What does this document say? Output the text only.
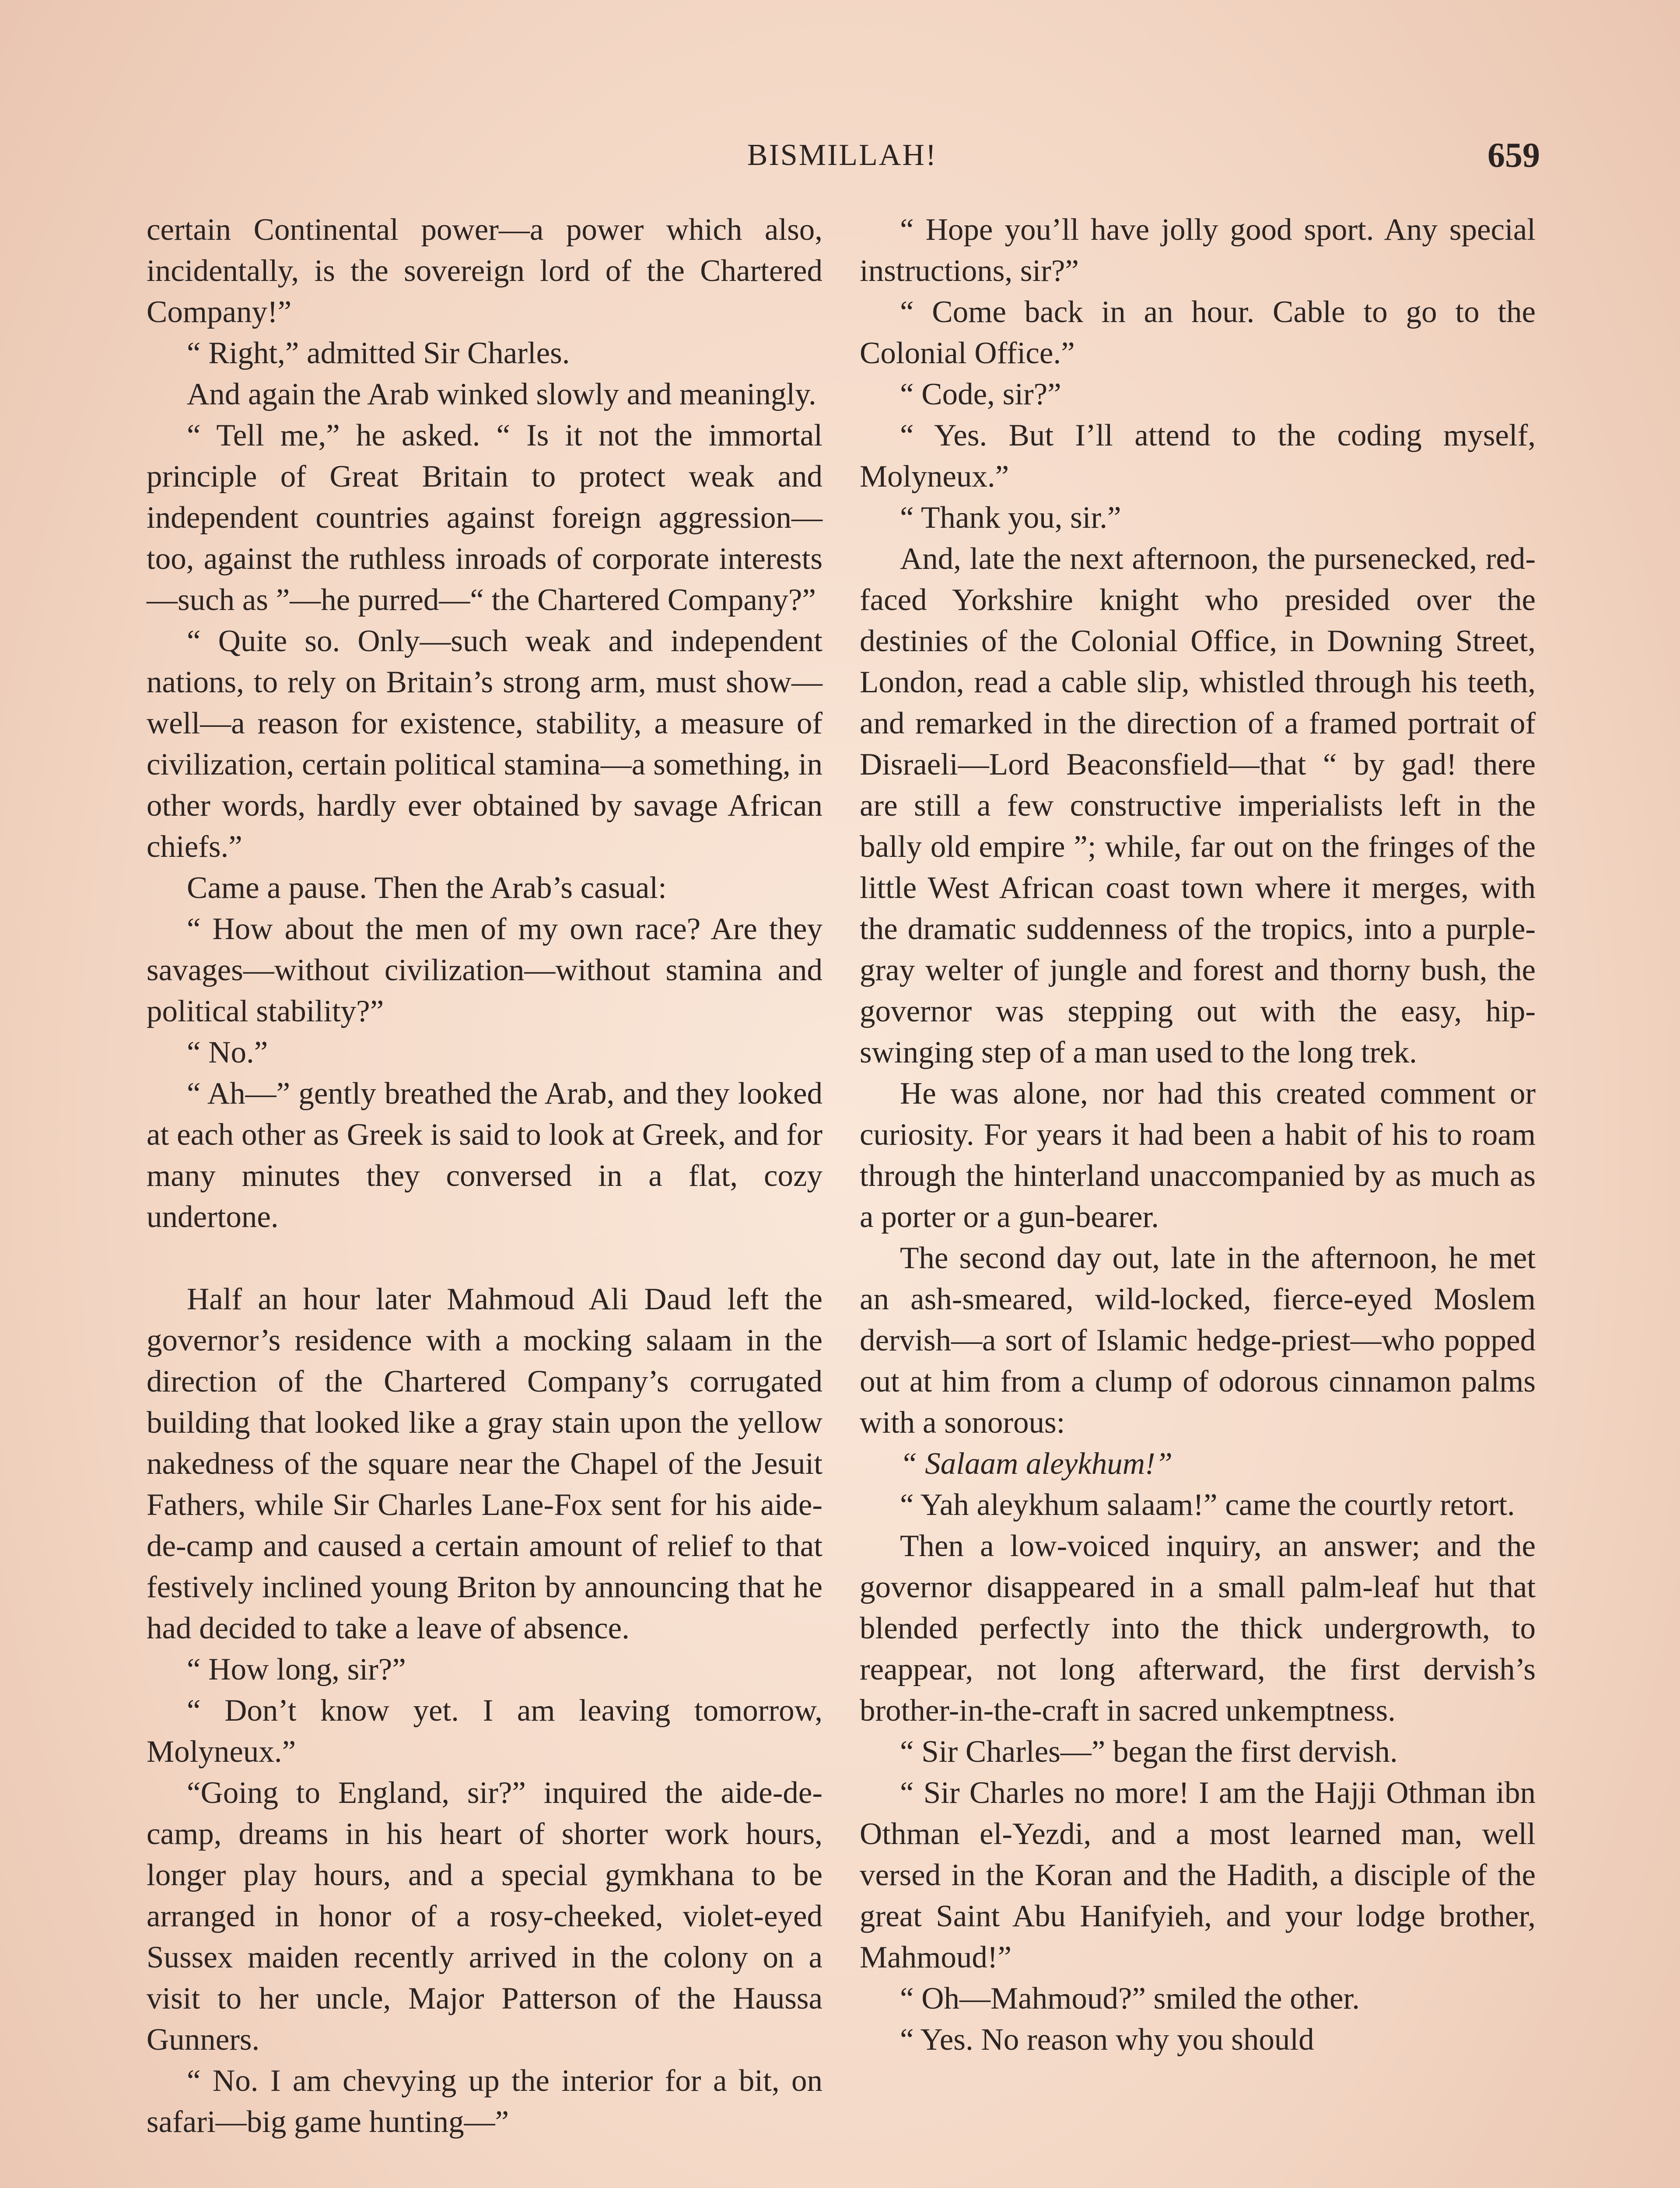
BISMILLAH!	659

certain Continental power—a power which also, incidentally, is the sovereign lord of the Chartered Company!”

“ Right,” admitted Sir Charles.

And again the Arab winked slowly and meaningly.

“ Tell me,” he asked. “ Is it not the immortal principle of Great Britain to protect weak and independent countries against foreign aggression—too, against the ruthless inroads of corporate interests—such as ”—he purred—“ the Chartered Company?”

“ Quite so. Only—such weak and independent nations, to rely on Britain’s strong arm, must show—well—a reason for existence, stability, a measure of civilization, certain political stamina—a something, in other words, hardly ever obtained by savage African chiefs.”

Came a pause. Then the Arab’s casual:

“ How about the men of my own race? Are they savages—without civilization—without stamina and political stability?”

“ No.”

“ Ah—” gently breathed the Arab, and they looked at each other as Greek is said to look at Greek, and for many minutes they conversed in a flat, cozy undertone.

Half an hour later Mahmoud Ali Daud left the governor’s residence with a mocking salaam in the direction of the Chartered Company’s corrugated building that looked like a gray stain upon the yellow nakedness of the square near the Chapel of the Jesuit Fathers, while Sir Charles Lane-Fox sent for his aide-de-camp and caused a certain amount of relief to that festively inclined young Briton by announcing that he had decided to take a leave of absence.

“ How long, sir?”

“ Don’t know yet. I am leaving tomorrow, Molyneux.”

“Going to England, sir?” inquired the aide-de-camp, dreams in his heart of shorter work hours, longer play hours, and a special gymkhana to be arranged in honor of a rosy-cheeked, violet-eyed Sussex maiden recently arrived in the colony on a visit to her uncle, Major Patterson of the Haussa Gunners.

“ No. I am chevying up the interior for a bit, on safari—big game hunting—”

“ Hope you’ll have jolly good sport. Any special instructions, sir?”

“ Come back in an hour. Cable to go to the Colonial Office.”

“ Code, sir?”

“ Yes. But I’ll attend to the coding myself, Molyneux.”

“ Thank you, sir.”

And, late the next afternoon, the pursenecked, red-faced Yorkshire knight who presided over the destinies of the Colonial Office, in Downing Street, London, read a cable slip, whistled through his teeth, and remarked in the direction of a framed portrait of Disraeli—Lord Beaconsfield—that “ by gad! there are still a few constructive imperialists left in the bally old empire ”; while, far out on the fringes of the little West African coast town where it merges, with the dramatic suddenness of the tropics, into a purple-gray welter of jungle and forest and thorny bush, the governor was stepping out with the easy, hip-swinging step of a man used to the long trek.

He was alone, nor had this created comment or curiosity. For years it had been a habit of his to roam through the hinterland unaccompanied by as much as a porter or a gun-bearer.

The second day out, late in the afternoon, he met an ash-smeared, wild-locked, fierce-eyed Moslem dervish—a sort of Islamic hedge-priest—who popped out at him from a clump of odorous cinnamon palms with a sonorous:

“ Salaam aleykhum!”

“ Yah aleykhum salaam!” came the courtly retort.

Then a low-voiced inquiry, an answer; and the governor disappeared in a small palm-leaf hut that blended perfectly into the thick undergrowth, to reappear, not long afterward, the first dervish’s brother-in-the-craft in sacred unkemptness.

“ Sir Charles—” began the first dervish.

“ Sir Charles no more! I am the Hajji Othman ibn Othman el-Yezdi, and a most learned man, well versed in the Koran and the Hadith, a disciple of the great Saint Abu Hanifyieh, and your lodge brother, Mahmoud!”

“ Oh—Mahmoud?” smiled the other.

“ Yes. No reason why you should
